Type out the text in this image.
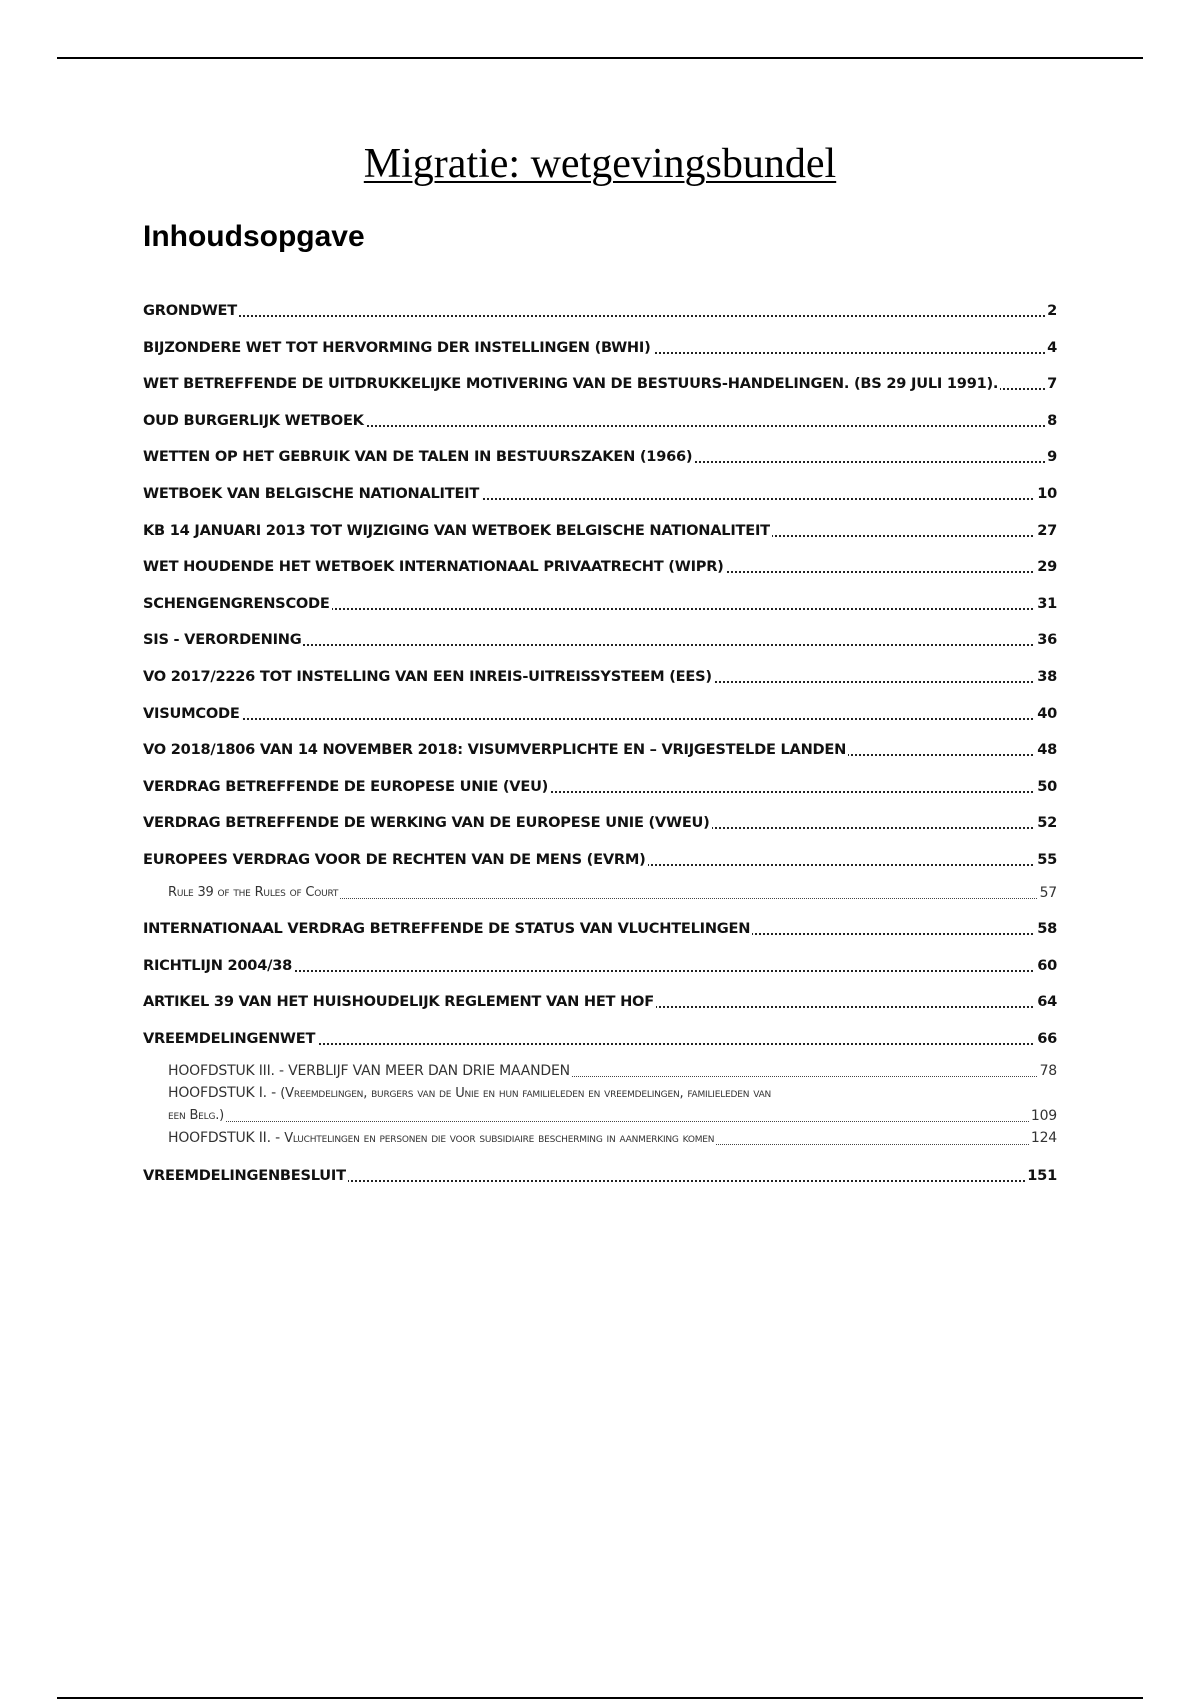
Migratie: wetgevingsbundel
Inhoudsopgave
GRONDWET	2
BIJZONDERE WET TOT HERVORMING DER INSTELLINGEN (BWHI)	4
WET BETREFFENDE DE UITDRUKKELIJKE MOTIVERING VAN DE BESTUURS-HANDELINGEN. (BS 29 JULI 1991).	7
OUD BURGERLIJK WETBOEK	8
WETTEN OP HET GEBRUIK VAN DE TALEN IN BESTUURSZAKEN (1966)	9
WETBOEK VAN BELGISCHE NATIONALITEIT	10
KB 14 JANUARI 2013 TOT WIJZIGING VAN WETBOEK BELGISCHE NATIONALITEIT	27
WET HOUDENDE HET WETBOEK INTERNATIONAAL PRIVAATRECHT (WIPR)	29
SCHENGENGRENSCODE	31
SIS - VERORDENING	36
VO 2017/2226 TOT INSTELLING VAN EEN INREIS-UITREISSYSTEEM (EES)	38
VISUMCODE	40
VO 2018/1806 VAN 14 NOVEMBER 2018: VISUMVERPLICHTE EN – VRIJGESTELDE LANDEN	48
VERDRAG BETREFFENDE DE EUROPESE UNIE (VEU)	50
VERDRAG BETREFFENDE DE WERKING VAN DE EUROPESE UNIE (VWEU)	52
EUROPEES VERDRAG VOOR DE RECHTEN VAN DE MENS (EVRM)	55
Rule 39 of the Rules of Court	57
INTERNATIONAAL VERDRAG BETREFFENDE DE STATUS VAN VLUCHTELINGEN	58
RICHTLIJN 2004/38	60
ARTIKEL 39 VAN HET HUISHOUDELIJK REGLEMENT VAN HET HOF	64
VREEMDELINGENWET	66
HOOFDSTUK III. - VERBLIJF VAN MEER DAN DRIE MAANDEN	78
HOOFDSTUK I. - (Vreemdelingen, burgers van de Unie en hun familieleden en vreemdelingen, familieleden van
een Belg.)	109
HOOFDSTUK II. - Vluchtelingen en personen die voor subsidiaire bescherming in aanmerking komen	124
VREEMDELINGENBESLUIT	151
